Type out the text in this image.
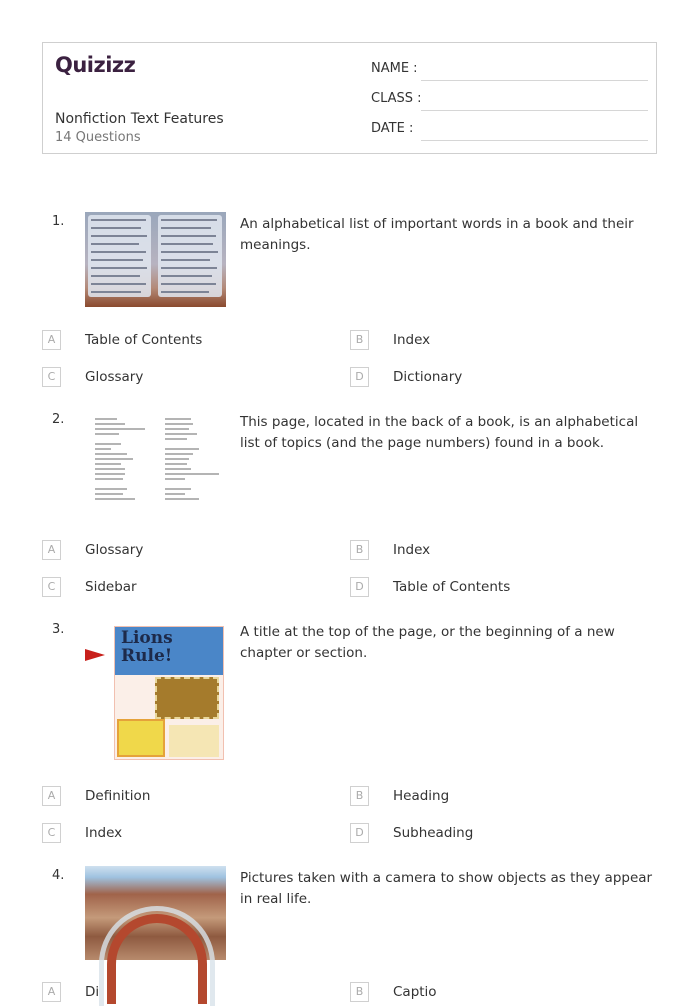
Quizizz
Nonfiction Text Features
14 Questions
NAME :
CLASS :
DATE :
1.	An alphabetical list of important words in a book and their meanings.
A	Table of Contents	B	Index
C	Glossary	D	Dictionary
2.	This page, located in the back of a book, is an alphabetical list of topics (and the page numbers) found in a book.
A	Glossary	B	Index
C	Sidebar	D	Table of Contents
3.	Lions Rule!
A title at the top of the page, or the beginning of a new chapter or section.
A	Definition	B	Heading
C	Index	D	Subheading
4.	Pictures taken with a camera to show objects as they appear in real life.
A	Di	B	Captio
